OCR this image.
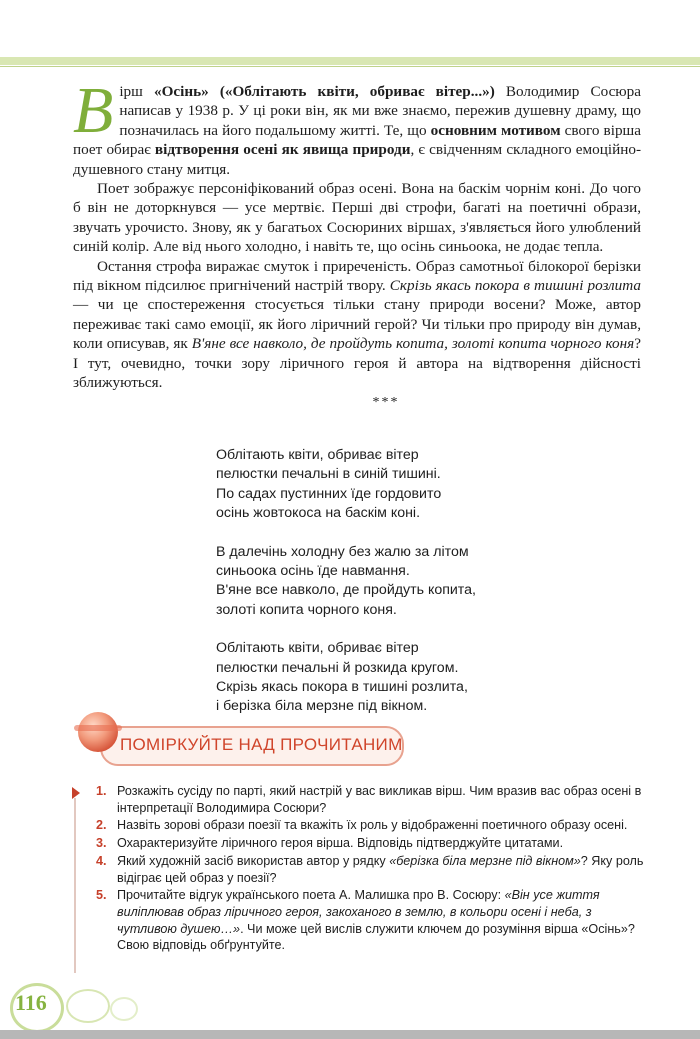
Вірш «Осінь» («Облітають квіти, обриває вітер...») Володимир Сосюра написав у 1938 р. У ці роки він, як ми вже знаємо, пережив душевну драму, що позначилась на його подальшому житті. Те, що основним мотивом свого вірша поет обирає відтворення осені як явища природи, є свідченням складного емоційно-душевного стану митця.

Поет зображує персоніфікований образ осені. Вона на баскім чорнім коні. До чого б він не доторкнувся — усе мертвіє. Перші дві строфи, багаті на поетичні образи, звучать урочисто. Знову, як у багатьох Сосюриних віршах, з'являється його улюблений синій колір. Але від нього холодно, і навіть те, що осінь синьоока, не додає тепла.

Остання строфа виражає смуток і приреченість. Образ самотньої білокорої берізки під вікном підсилює пригнічений настрій твору. Скрізь якась покора в тишині розлита — чи це спостереження стосується тільки стану природи восени? Може, автор переживає такі само емоції, як його ліричний герой? Чи тільки про природу він думав, коли описував, як В'яне все навколо, де пройдуть копита, золоті копита чорного коня? І тут, очевидно, точки зору ліричного героя й автора на відтворення дійсності зближуються.

***
Облітають квіти, обриває вітер
пелюстки печальні в синій тишині.
По садах пустинних їде гордовито
осінь жовтокоса на баскім коні.
В далечінь холодну без жалю за літом
синьоока осінь їде навмання.
В'яне все навколо, де пройдуть копита,
золоті копита чорного коня.
Облітають квіти, обриває вітер
пелюстки печальні й розкида кругом.
Скрізь якась покора в тишині розлита,
і берізка біла мерзне під вікном.
ПОМІРКУЙТЕ НАД ПРОЧИТАНИМ
1. Розкажіть сусіду по парті, який настрій у вас викликав вірш. Чим вразив вас образ осені в інтерпретації Володимира Сосюри?
2. Назвіть зорові образи поезії та вкажіть їх роль у відображенні поетичного образу осені.
3. Охарактеризуйте ліричного героя вірша. Відповідь підтверджуйте цитатами.
4. Який художній засіб використав автор у рядку «берізка біла мерзне під вікном»? Яку роль відіграє цей образ у поезії?
5. Прочитайте відгук українського поета А. Малишка про В. Сосюру: «Він усе життя виліплював образ ліричного героя, закоханого в землю, в кольори осені і неба, з чутливою душею…». Чи може цей вислів служити ключем до розуміння вірша «Осінь»? Свою відповідь обґрунтуйте.
116
